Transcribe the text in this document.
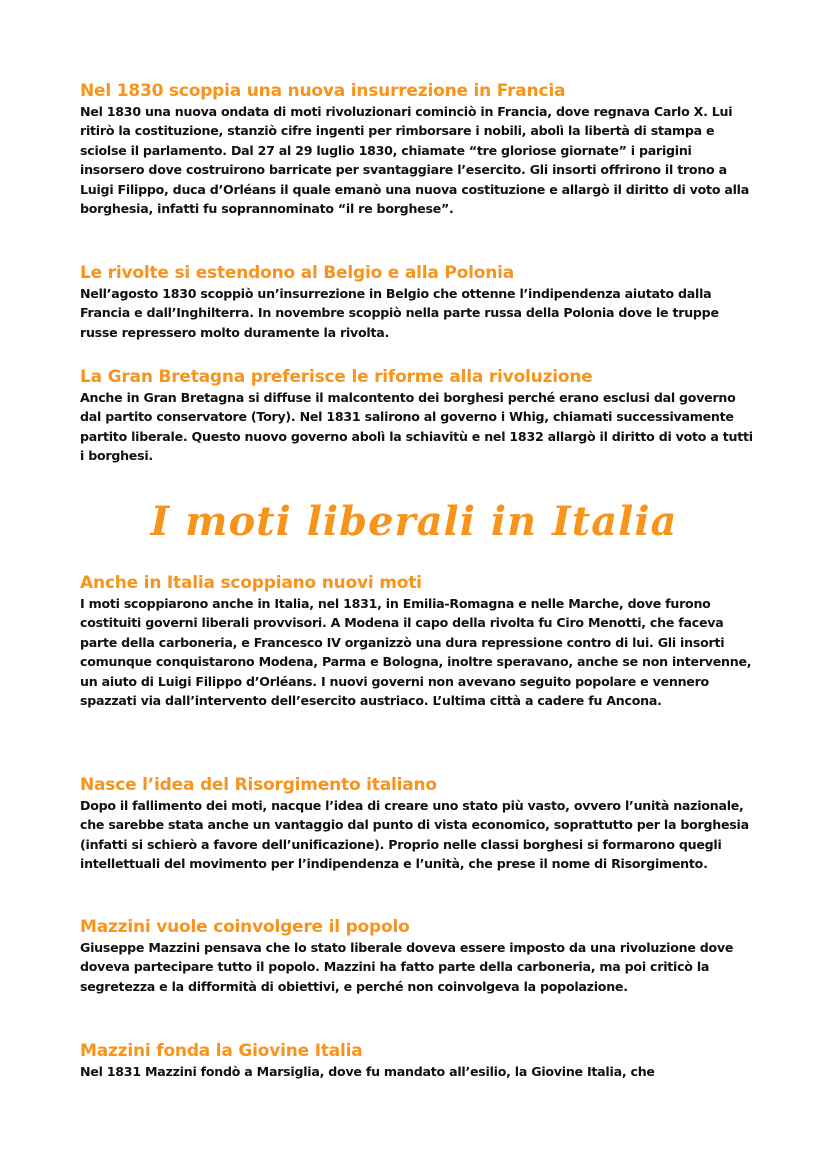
Nel 1830 scoppia una nuova insurrezione in Francia

Nel 1830 una nuova ondata di moti rivoluzionari cominciò in Francia, dove regnava Carlo X. Lui ritirò la costituzione, stanziò cifre ingenti per rimborsare i nobili, abolì la libertà di stampa e sciolse il parlamento. Dal 27 al 29 luglio 1830, chiamate “tre gloriose giornate” i parigini insorsero dove costruirono barricate per svantaggiare l’esercito. Gli insorti offrirono il trono a Luigi Filippo, duca d’Orléans il quale emanò una nuova costituzione e allargò il diritto di voto alla borghesia, infatti fu soprannominato “il re borghese”.

Le rivolte si estendono al Belgio e alla Polonia

Nell’agosto 1830 scoppiò un’insurrezione in Belgio che ottenne l’indipendenza aiutato dalla Francia e dall’Inghilterra. In novembre scoppiò nella parte russa della Polonia dove le truppe russe repressero molto duramente la rivolta.

La Gran Bretagna preferisce le riforme alla rivoluzione

Anche in Gran Bretagna si diffuse il malcontento dei borghesi perché erano esclusi dal governo dal partito conservatore (Tory). Nel 1831 salirono al governo i Whig, chiamati successivamente partito liberale. Questo nuovo governo abolì la schiavitù e nel 1832 allargò il diritto di voto a tutti i borghesi.

I moti liberali in Italia
Anche in Italia scoppiano nuovi moti

I moti scoppiarono anche in Italia, nel 1831, in Emilia-Romagna e nelle Marche, dove furono costituiti governi liberali provvisori. A Modena il capo della rivolta fu Ciro Menotti, che faceva parte della carboneria, e Francesco IV organizzò una dura repressione contro di lui. Gli insorti comunque conquistarono Modena, Parma e Bologna, inoltre speravano, anche se non intervenne, un aiuto di Luigi Filippo d’Orléans. I nuovi governi non avevano seguito popolare e vennero spazzati via dall’intervento dell’esercito austriaco. L’ultima città a cadere fu Ancona.

Nasce l’idea del Risorgimento italiano

Dopo il fallimento dei moti, nacque l’idea di creare uno stato più vasto, ovvero l’unità nazionale, che sarebbe stata anche un vantaggio dal punto di vista economico, soprattutto per la borghesia (infatti si schierò a favore dell’unificazione). Proprio nelle classi borghesi si formarono quegli intellettuali del movimento per l’indipendenza e l’unità, che prese il nome di Risorgimento.

Mazzini vuole coinvolgere il popolo

Giuseppe Mazzini pensava che lo stato liberale doveva essere imposto da una rivoluzione dove doveva partecipare tutto il popolo. Mazzini ha fatto parte della carboneria, ma poi criticò la segretezza e la difformità di obiettivi, e perché non coinvolgeva la popolazione.

Mazzini fonda la Giovine Italia

Nel 1831 Mazzini fondò a Marsiglia, dove fu mandato all’esilio, la Giovine Italia, che
